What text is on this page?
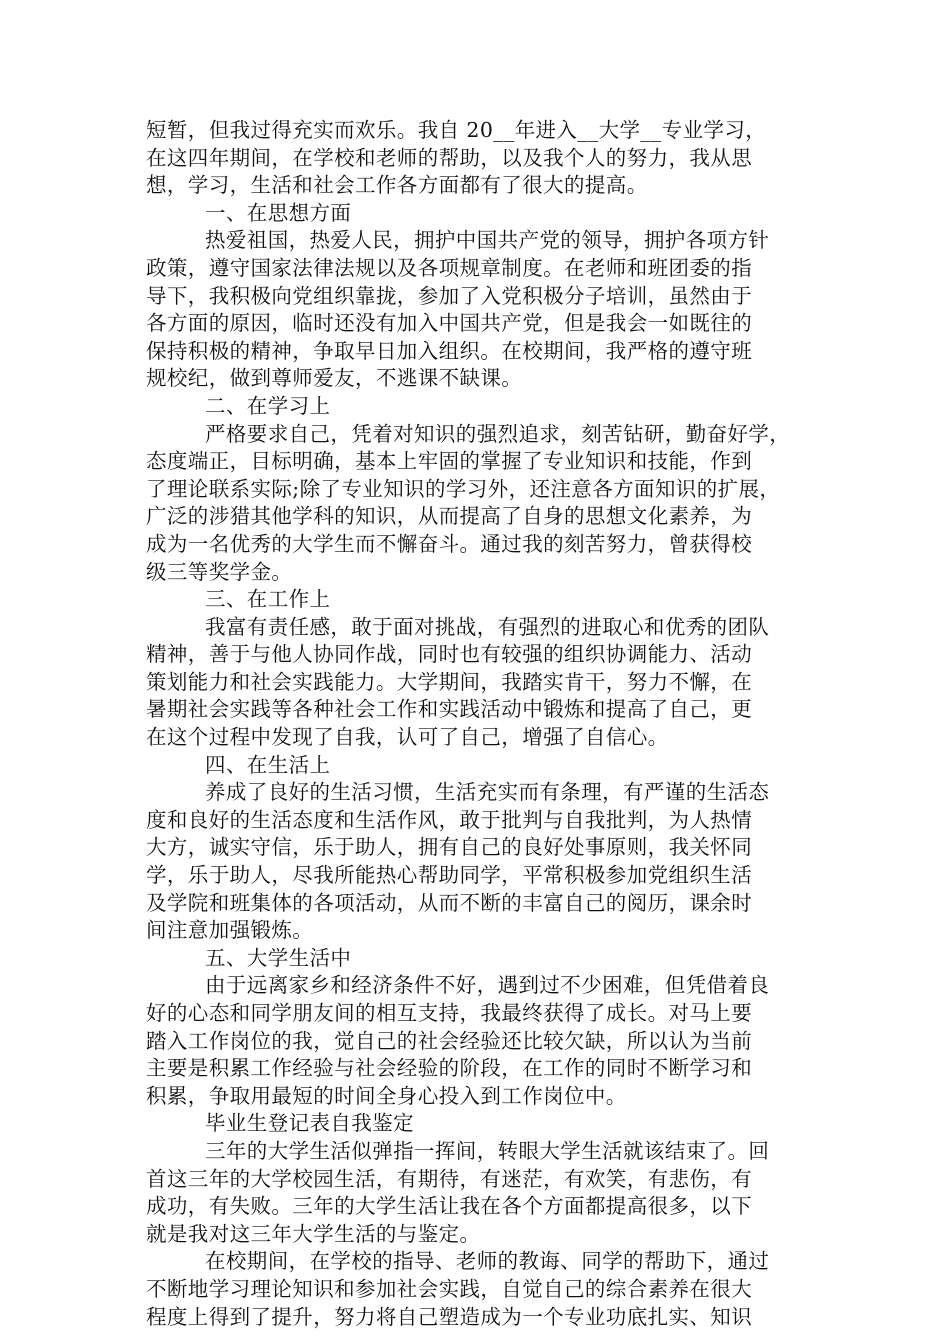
短暂，但我过得充实而欢乐。我自 20__年进入__大学__专业学习，
在这四年期间，在学校和老师的帮助，以及我个人的努力，我从思
想，学习，生活和社会工作各方面都有了很大的提高。
一、在思想方面
热爱祖国，热爱人民，拥护中国共产党的领导，拥护各项方针
政策，遵守国家法律法规以及各项规章制度。在老师和班团委的指
导下，我积极向党组织靠拢，参加了入党积极分子培训，虽然由于
各方面的原因，临时还没有加入中国共产党，但是我会一如既往的
保持积极的精神，争取早日加入组织。在校期间，我严格的遵守班
规校纪，做到尊师爱友，不逃课不缺课。
二、在学习上
严格要求自己，凭着对知识的强烈追求，刻苦钻研，勤奋好学，
态度端正，目标明确，基本上牢固的掌握了专业知识和技能，作到
了理论联系实际;除了专业知识的学习外，还注意各方面知识的扩展，
广泛的涉猎其他学科的知识，从而提高了自身的思想文化素养，为
成为一名优秀的大学生而不懈奋斗。通过我的刻苦努力，曾获得校
级三等奖学金。
三、在工作上
我富有责任感，敢于面对挑战，有强烈的进取心和优秀的团队
精神，善于与他人协同作战，同时也有较强的组织协调能力、活动
策划能力和社会实践能力。大学期间，我踏实肯干，努力不懈，在
暑期社会实践等各种社会工作和实践活动中锻炼和提高了自己，更
在这个过程中发现了自我，认可了自己，增强了自信心。
四、在生活上
养成了良好的生活习惯，生活充实而有条理，有严谨的生活态
度和良好的生活态度和生活作风，敢于批判与自我批判，为人热情
大方，诚实守信，乐于助人，拥有自己的良好处事原则，我关怀同
学，乐于助人，尽我所能热心帮助同学，平常积极参加党组织生活
及学院和班集体的各项活动，从而不断的丰富自己的阅历，课余时
间注意加强锻炼。
五、大学生活中
由于远离家乡和经济条件不好，遇到过不少困难，但凭借着良
好的心态和同学朋友间的相互支持，我最终获得了成长。对马上要
踏入工作岗位的我，觉自己的社会经验还比较欠缺，所以认为当前
主要是积累工作经验与社会经验的阶段，在工作的同时不断学习和
积累，争取用最短的时间全身心投入到工作岗位中。
毕业生登记表自我鉴定
三年的大学生活似弹指一挥间，转眼大学生活就该结束了。回
首这三年的大学校园生活，有期待，有迷茫，有欢笑，有悲伤，有
成功，有失败。三年的大学生活让我在各个方面都提高很多，以下
就是我对这三年大学生活的与鉴定。
在校期间，在学校的指导、老师的教诲、同学的帮助下，通过
不断地学习理论知识和参加社会实践，自觉自己的综合素养在很大
程度上得到了提升，努力将自己塑造成为一个专业功底扎实、知识
